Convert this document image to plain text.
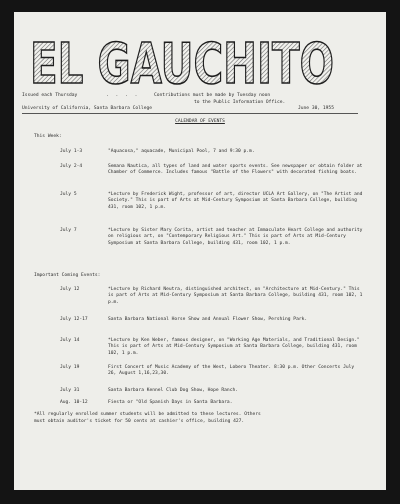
EL GAUCHITO
Issued each Thursday	. . . .	Contributions must be made by Tuesday noon
to the Public Information Office.
University of California, Santa Barbara College	June 30, 1955
CALENDAR OF EVENTS
This Week:
July 1-3	"Aquacosa," aquacade, Municipal Pool, 7 and 9:30 p.m.
July 2-4	Semana Nautica, all types of land and water sports events. See newspaper or obtain folder at Chamber of Commerce. Includes famous "Battle of the Flowers" with decorated fishing boats.
July 5	*Lecture by Frederick Wight, professor of art, director UCLA Art Gallery, on "The Artist and Society." This is part of Arts at Mid-Century Symposium at Santa Barbara College, building 431, room 102, 1 p.m.
July 7	*Lecture by Sister Mary Corita, artist and teacher at Immaculate Heart College and authority on religious art, on "Contemporary Religious Art." This is part of Arts at Mid-Century Symposium at Santa Barbara College, building 431, room 102, 1 p.m.
Important Coming Events:
July 12	*Lecture by Richard Neutra, distinguished architect, on "Architecture at Mid-Century." This is part of Arts at Mid-Century Symposium at Santa Barbara College, building 431, room 102, 1 p.m.
July 12-17	Santa Barbara National Horse Show and Annual Flower Show, Pershing Park.
July 14	*Lecture by Ken Weber, famous designer, on "Working Age Materials, and Traditional Design." This is part of Arts at Mid-Century Symposium at Santa Barbara College, building 431, room 102, 1 p.m.
July 19	First Concert of Music Academy of the West, Lobero Theater. 8:30 p.m. Other Concerts July 26, August 1,16,23,30.
July 31	Santa Barbara Kennel Club Dog Show, Hope Ranch.
Aug. 10-12	Fiesta or "Old Spanish Days in Santa Barbara.
*All regularly enrolled summer students will be admitted to these lectures. Others
must obtain auditor's ticket for 50 cents at cashier's office, building 427.
